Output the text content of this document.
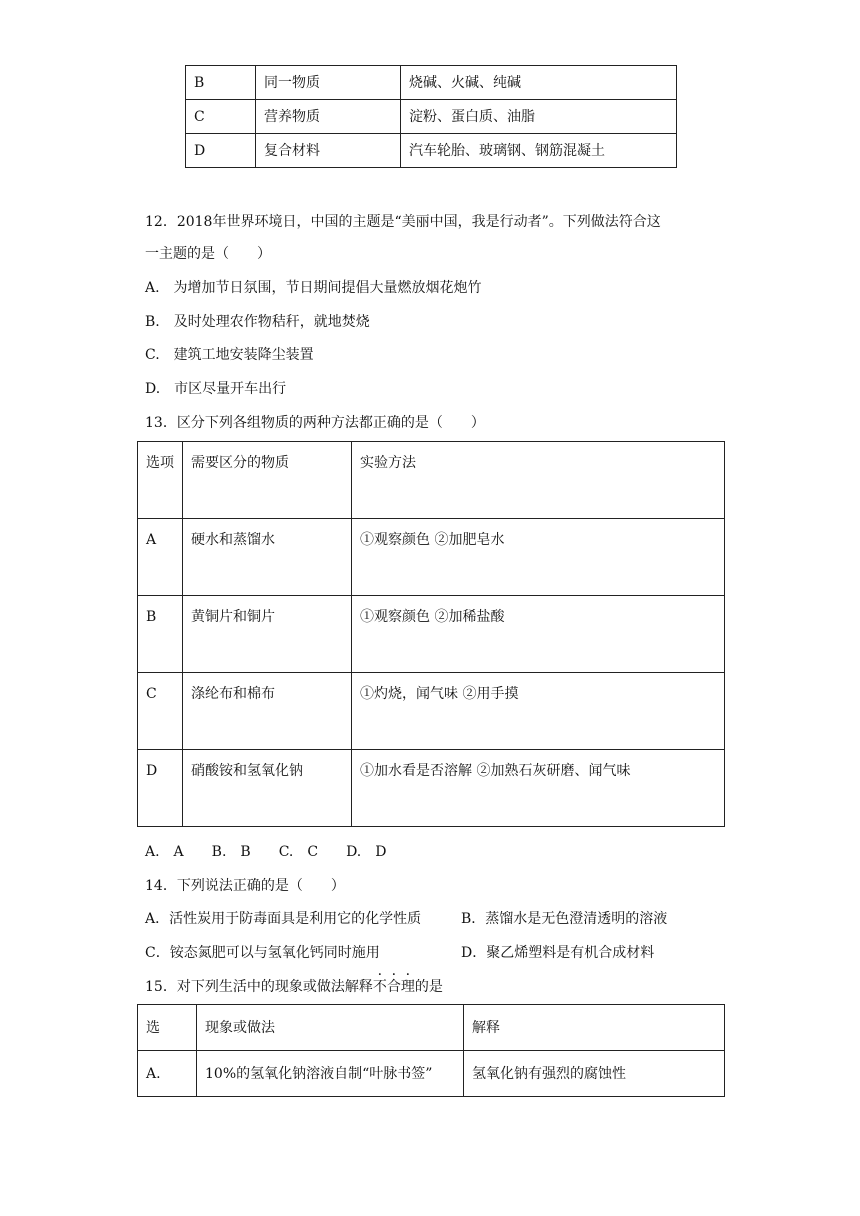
B	同一物质	烧碱、火碱、纯碱
C	营养物质	淀粉、蛋白质、油脂
D	复合材料	汽车轮胎、玻璃钢、钢筋混凝土
12．2018年世界环境日，中国的主题是“美丽中国，我是行动者”。下列做法符合这
一主题的是（　　）
A.　为增加节日氛围，节日期间提倡大量燃放烟花炮竹
B.　及时处理农作物秸秆，就地焚烧
C.　建筑工地安装降尘装置
D.　市区尽量开车出行
13．区分下列各组物质的两种方法都正确的是（　　）
选项	需要区分的物质	实验方法
A	硬水和蒸馏水	①观察颜色 ②加肥皂水
B	黄铜片和铜片	①观察颜色 ②加稀盐酸
C	涤纶布和棉布	①灼烧，闻气味 ②用手摸
D	硝酸铵和氢氧化钠	①加水看是否溶解 ②加熟石灰研磨、闻气味
A.　A　　B.　B　　C.　C　　D.　D
14．下列说法正确的是（　　）
A．活性炭用于防毒面具是利用它的化学性质	B．蒸馏水是无色澄清透明的溶液
C．铵态氮肥可以与氢氧化钙同时施用	D．聚乙烯塑料是有机合成材料
15．对下列生活中的现象或做法解释不合理的是
选	现象或做法	解释
A.	10%的氢氧化钠溶液自制“叶脉书签”	氢氧化钠有强烈的腐蚀性
